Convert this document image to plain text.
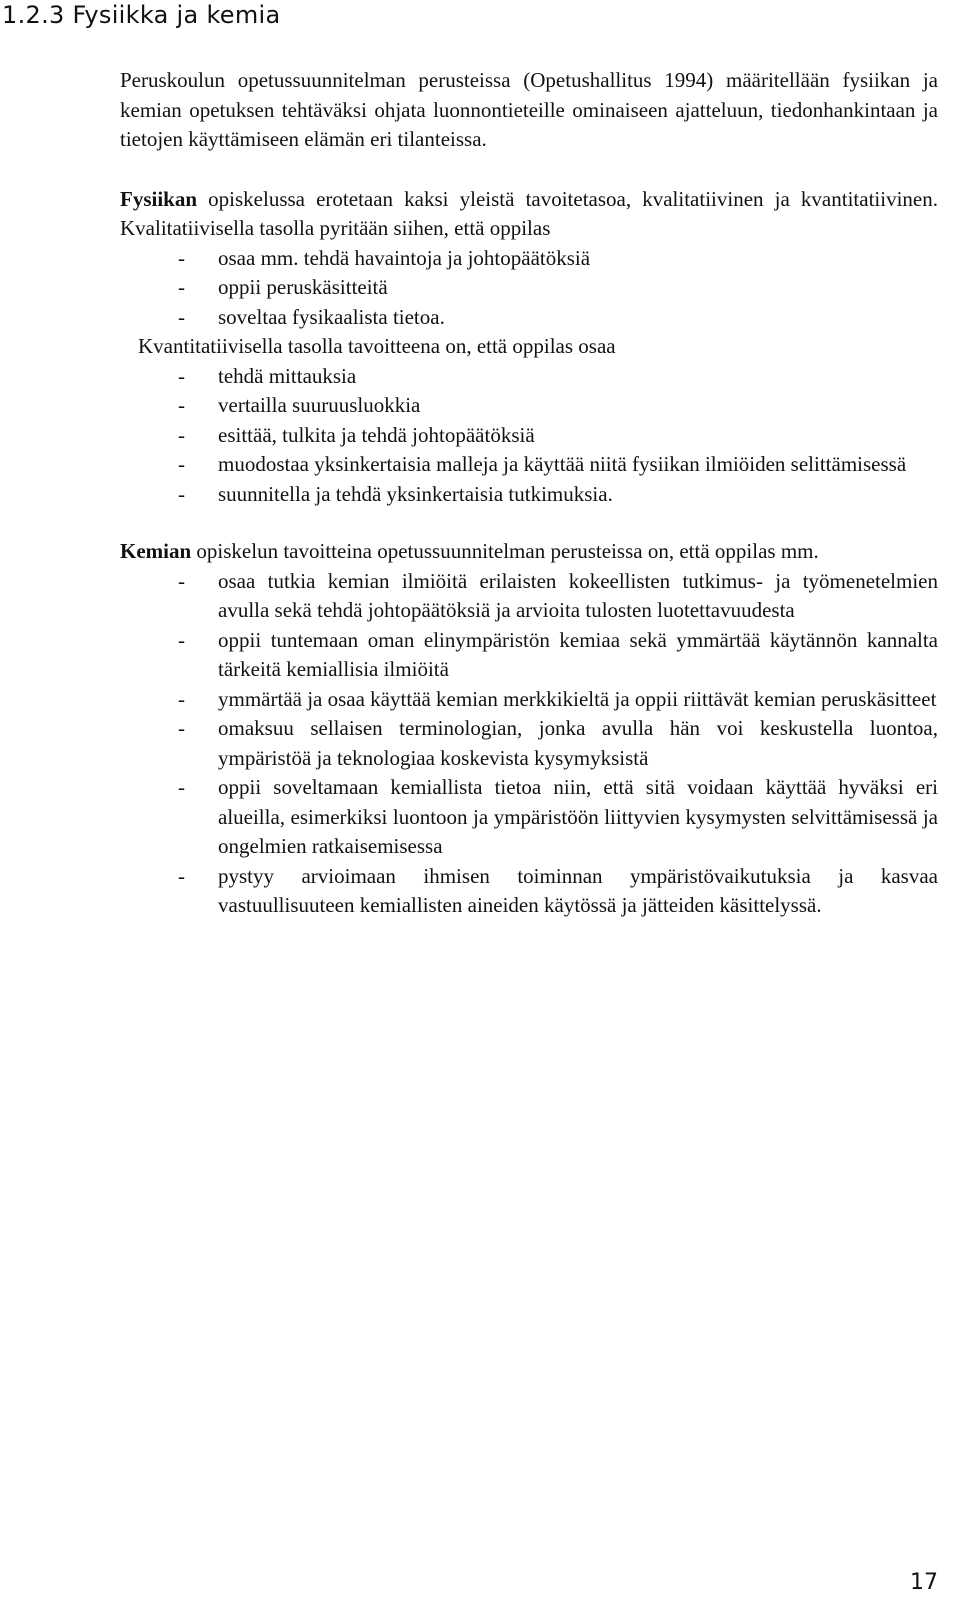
1.2.3 Fysiikka ja kemia

Peruskoulun opetussuunnitelman perusteissa (Opetushallitus 1994) määritellään fysiikan ja kemian opetuksen tehtäväksi ohjata luonnontieteille ominaiseen ajatteluun, tiedonhankintaan ja tietojen käyttämiseen elämän eri tilanteissa.

Fysiikan opiskelussa erotetaan kaksi yleistä tavoitetasoa, kvalitatiivinen ja kvantitatiivinen. Kvalitatiivisella tasolla pyritään siihen, että oppilas

- osaa mm. tehdä havaintoja ja johtopäätöksiä
- oppii peruskäsitteitä
- soveltaa fysikaalista tietoa.

Kvantitatiivisella tasolla tavoitteena on, että oppilas osaa

- tehdä mittauksia
- vertailla suuruusluokkia
- esittää, tulkita ja tehdä johtopäätöksiä
- muodostaa yksinkertaisia malleja ja käyttää niitä fysiikan ilmiöiden selittämisessä
- suunnitella ja tehdä yksinkertaisia tutkimuksia.

Kemian opiskelun tavoitteina opetussuunnitelman perusteissa on, että oppilas mm.

- osaa tutkia kemian ilmiöitä erilaisten kokeellisten tutkimus- ja työmenetelmien avulla sekä tehdä johtopäätöksiä ja arvioita tulosten luotettavuudesta
- oppii tuntemaan oman elinympäristön kemiaa sekä ymmärtää käytännön kannalta tärkeitä kemiallisia ilmiöitä
- ymmärtää ja osaa käyttää kemian merkkikieltä ja oppii riittävät kemian peruskäsitteet
- omaksuu sellaisen terminologian, jonka avulla hän voi keskustella luontoa, ympäristöä ja teknologiaa koskevista kysymyksistä
- oppii soveltamaan kemiallista tietoa niin, että sitä voidaan käyttää hyväksi eri alueilla, esimerkiksi luontoon ja ympäristöön liittyvien kysymysten selvittämisessä ja ongelmien ratkaisemisessa
- pystyy arvioimaan ihmisen toiminnan ympäristövaikutuksia ja kasvaa vastuullisuuteen kemiallisten aineiden käytössä ja jätteiden käsittelyssä.
17
